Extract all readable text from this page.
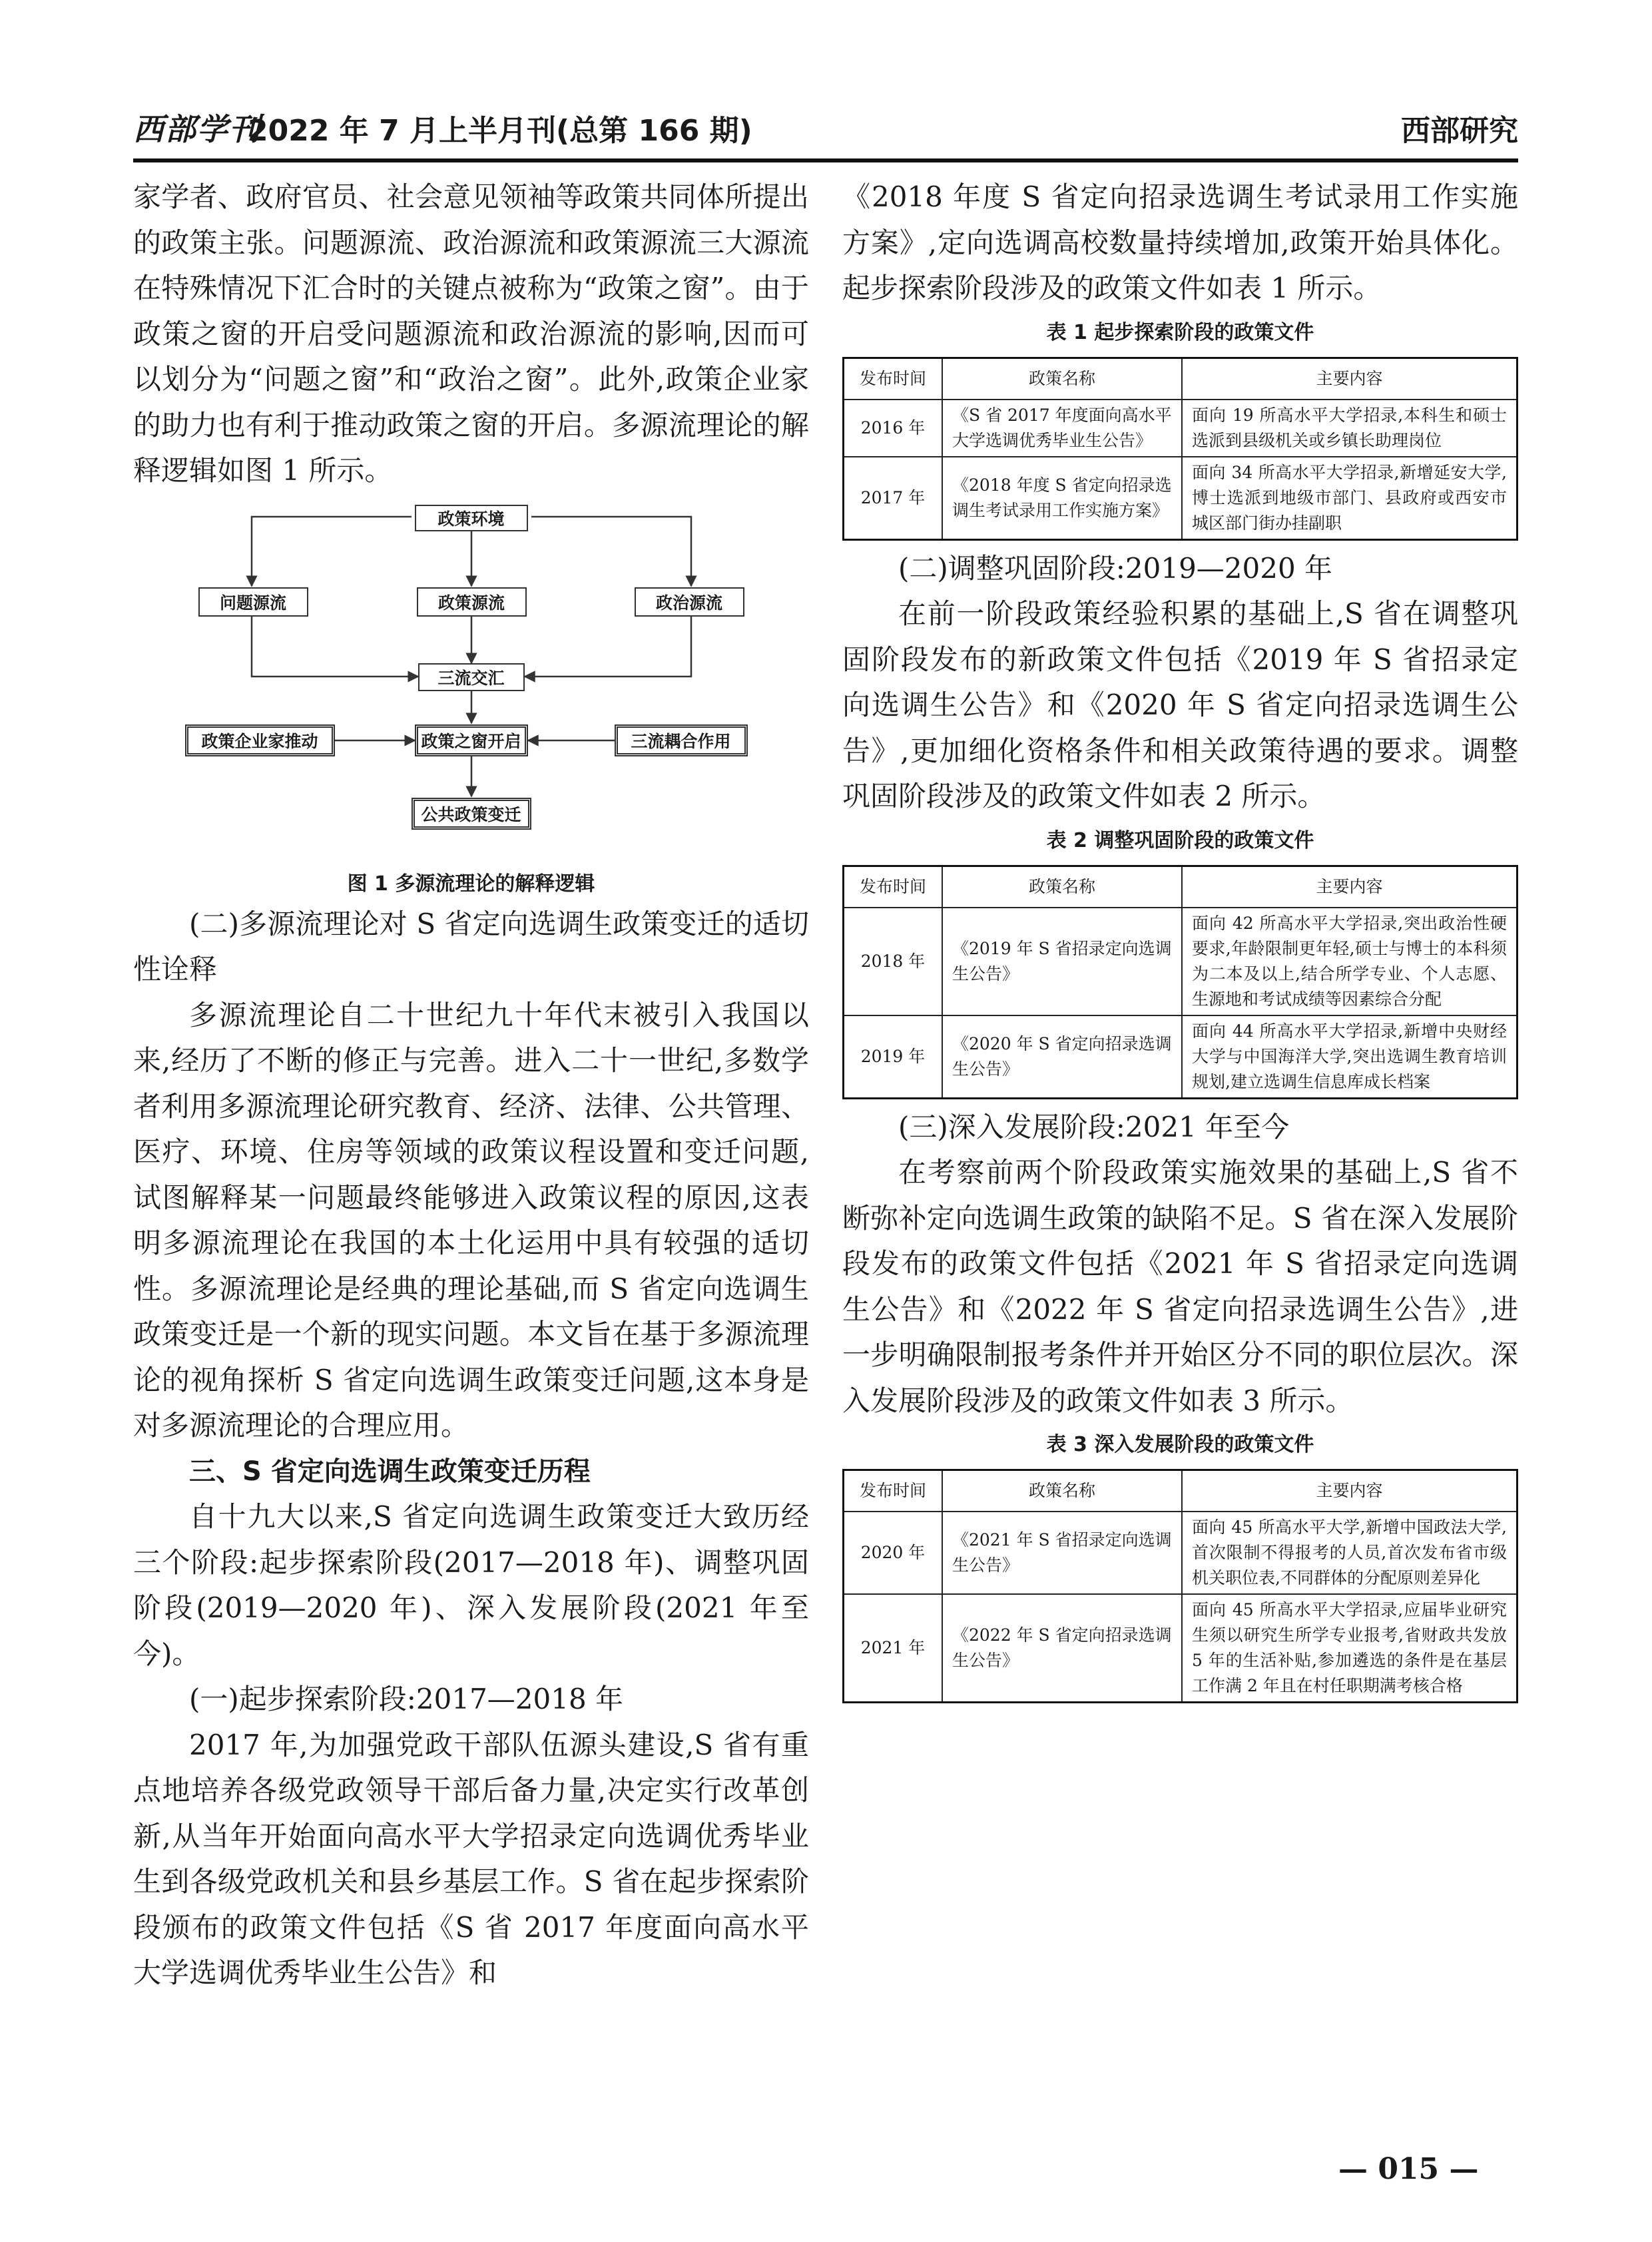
西部学刊
2022 年 7 月上半月刊(总第 166 期)	西部研究

家学者、政府官员、社会意见领袖等政策共同体所提出的政策主张。问题源流、政治源流和政策源流三大源流在特殊情况下汇合时的关键点被称为“政策之窗”。由于政策之窗的开启受问题源流和政治源流的影响,因而可以划分为“问题之窗”和“政治之窗”。此外,政策企业家的助力也有利于推动政策之窗的开启。多源流理论的解释逻辑如图 1 所示。

政策环境
问题源流	政策源流	政治源流
三流交汇
政策之窗开启
政策企业家推动	三流耦合作用
公共政策变迁

图 1 多源流理论的解释逻辑

(二)多源流理论对 S 省定向选调生政策变迁的适切性诠释

多源流理论自二十世纪九十年代末被引入我国以来,经历了不断的修正与完善。进入二十一世纪,多数学者利用多源流理论研究教育、经济、法律、公共管理、医疗、环境、住房等领域的政策议程设置和变迁问题,试图解释某一问题最终能够进入政策议程的原因,这表明多源流理论在我国的本土化运用中具有较强的适切性。多源流理论是经典的理论基础,而 S 省定向选调生政策变迁是一个新的现实问题。本文旨在基于多源流理论的视角探析 S 省定向选调生政策变迁问题,这本身是对多源流理论的合理应用。

三、S 省定向选调生政策变迁历程

自十九大以来,S 省定向选调生政策变迁大致历经三个阶段:起步探索阶段(2017—2018 年)、调整巩固阶段(2019—2020 年)、深入发展阶段(2021 年至今)。

(一)起步探索阶段:2017—2018 年

2017 年,为加强党政干部队伍源头建设,S 省有重点地培养各级党政领导干部后备力量,决定实行改革创新,从当年开始面向高水平大学招录定向选调优秀毕业生到各级党政机关和县乡基层工作。S 省在起步探索阶段颁布的政策文件包括《S 省 2017 年度面向高水平大学选调优秀毕业生公告》和

《2018 年度 S 省定向招录选调生考试录用工作实施方案》,定向选调高校数量持续增加,政策开始具体化。起步探索阶段涉及的政策文件如表 1 所示。

表 1 起步探索阶段的政策文件

发布时间	政策名称	主要内容
2016 年	《S 省 2017 年度面向高水平大学选调优秀毕业生公告》	面向 19 所高水平大学招录,本科生和硕士选派到县级机关或乡镇长助理岗位
2017 年	《2018 年度 S 省定向招录选调生考试录用工作实施方案》	面向 34 所高水平大学招录,新增延安大学,博士选派到地级市部门、县政府或西安市城区部门街办挂副职

(二)调整巩固阶段:2019—2020 年

在前一阶段政策经验积累的基础上,S 省在调整巩固阶段发布的新政策文件包括《2019 年 S 省招录定向选调生公告》和《2020 年 S 省定向招录选调生公告》,更加细化资格条件和相关政策待遇的要求。调整巩固阶段涉及的政策文件如表 2 所示。

表 2 调整巩固阶段的政策文件

发布时间	政策名称	主要内容
2018 年	《2019 年 S 省招录定向选调生公告》	面向 42 所高水平大学招录,突出政治性硬要求,年龄限制更年轻,硕士与博士的本科须为二本及以上,结合所学专业、个人志愿、生源地和考试成绩等因素综合分配
2019 年	《2020 年 S 省定向招录选调生公告》	面向 44 所高水平大学招录,新增中央财经大学与中国海洋大学,突出选调生教育培训规划,建立选调生信息库成长档案

(三)深入发展阶段:2021 年至今

在考察前两个阶段政策实施效果的基础上,S 省不断弥补定向选调生政策的缺陷不足。S 省在深入发展阶段发布的政策文件包括《2021 年 S 省招录定向选调生公告》和《2022 年 S 省定向招录选调生公告》,进一步明确限制报考条件并开始区分不同的职位层次。深入发展阶段涉及的政策文件如表 3 所示。

表 3 深入发展阶段的政策文件

发布时间	政策名称	主要内容
2020 年	《2021 年 S 省招录定向选调生公告》	面向 45 所高水平大学,新增中国政法大学,首次限制不得报考的人员,首次发布省市级机关职位表,不同群体的分配原则差异化
2021 年	《2022 年 S 省定向招录选调生公告》	面向 45 所高水平大学招录,应届毕业研究生须以研究生所学专业报考,省财政共发放 5 年的生活补贴,参加遴选的条件是在基层工作满 2 年且在村任职期满考核合格
— 015 —
